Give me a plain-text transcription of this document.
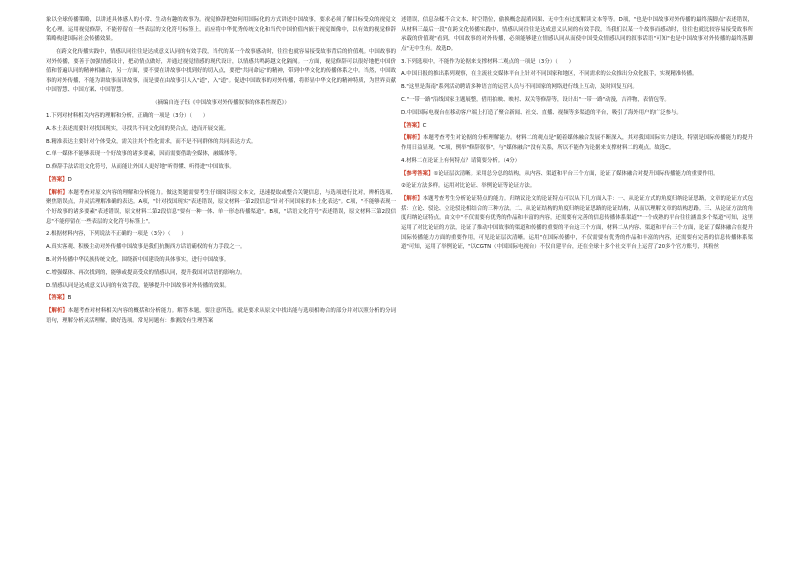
象以全球传播策略，以讲述具体感人的小常、生动有趣的故事为。视觉修辞把如何用国际化的方式讲述中国故事，要求必须了解目标受众的视觉文化心理。运用视觉修辞，不能停留在一些表层的文化符号标签上，而应将中华优秀传统文化和当代中国价值内嵌于视觉图像中，以有效的视觉修辞策略构建国际社会传播效果。

在跨文化传播实践中，情感认同往往是达成意义认同的有效手段，当代的某一个故事感动时，往往也就容易接受故事背后的价值观。中国故事的对外传播，要善于加强情感设计，把动情点做好，并通过视觉情感的现代设计，以情感共鸣跨越文化隔阂。一方面，视觉修辞可以很好地把中国价值和普遍认同的精神相融合，另一方面，要不要在讲故事中找到好的切入点，要把"共同命运"的精神，带到中华文化的传播体系之中。当然，中国故事的对外传播，不能为讲故事而讲故事，而是要在由故事引人入"道"，入"道"。促进中国故事的对外传播，将彰显中华文化的精神特质，为世界贡献中国智慧、中国方案、中国智慧。

（摘编自连子钰《中国故事对外传播叙事的体系性规范》）

1.下列对材料相关内容的理解和分析，正确的一项是（3分）（　　）

A.本土表述需要针对找国现实，寻找共不同文化间的契合点，进而开展交流。

B.精准表达主要针对个体受众，需关注其个性化需求，而不是不同群体的共同表达方式。

C.单一媒体不能够表现一个好故事的诸多要素，因而需要借助全媒体，融媒体等。

D.修辞手法话语文化符号，从而能让外国人更好地"听得懂、听得进"中国故事。

【答案】D

【解析】本题考查对原文内容的理解和分析能力。做这类题需要考生仔细阅读原文本文，迅速提取或整合关键信息，与选项进行比对，辨析选项、聚焦错误点，并灵活理解准确的表达。A项，"针对找国现实"表述错误，原文材料一第2段信息"针对不同国家的本土化表达"。C项，"不能够表现一个好故事的诸多要素"表述错误，原文材料二第2段信息"要有一种一体、单一形态传播渠道"。B项，"话语文化符号"表述错误，原文材料三第2段信息"不能停留在一些表层的文化符号标签上"。

2.根据材料内容，下列说法不正确的一项是（3分）（　　）

A.真实客观、积极主动对外传播中国故事是我们抗衡西方话语霸权的有力手段之一。

B.对外传播中华民族传统文化，围绕新中国建设的具体事实，进行中国故事。

C.增强媒体、再次找到的，能够或提高受众的情感认同，提升我国对话语的影响力。

D.情感认同是达成意义认同的有效手段，能够提升中国故事对外传播的效果。

【答案】B

【解析】本题考查对材料相关内容的概括和分析能力。解答本题，要注意所选，就是要求从原文中找出能与选项相吻合的部分并对以照分析的分词语句，理解分析灵活理解，做好选项。常见问题有：推测没有生理答案

述错误，信息杂糅不合文本、时空错位，偷换概念混淆因果、无中生有过度解读文本等等。D项，"也是中国故事对外传播的最终落脚点"表述错误，从材料三最后一段"在跨文化传播实践中，情感认同往往是达成意义认同的有效手段，当我们以某一个故事而感动时，往往也就比较容易接受故事所承载的价值观"看到，中国故事的对外传播，必须能够建立情感认同从而使中国受众情感认同的叙事话语"可知"也是中国故事对外传播的最终落脚点"无中生有。故选D。

3.下列选项中，不能作为论据来支撑材料二观点的一项是（3分）（　　）

A.中国日报的推出系列观察，在主流社交媒体平台上针对不同国家和地区，不同需求的公众推出分众化报手，实现精准传播。

B."这里是海南"系列活动聘请多种语言的运营人员与不同国家的网络进行线上互动，及时回复互问。

C."一带一路"沿线国家主题展整，借用拍映、映衬、双关等修辞等，设计出"一带一路"动漫，吉祥物，表情包等。

D.中国国际电视台在移动客户端上打造了聚合新闻、社交、直播、视频等多渠道的平台，吸引了海外用户的广泛参与。

【答案】C

【解析】本题考查考生对论据的分析理解能力。材料二的观点是"随着媒体融合发展不断深入，其对我国国际实力建设，特别是国际传播能力的提升作用日益显现。"C项，例举"修辞叙事"，与"媒体融合"没有关系，所以不能作为论据来支撑材料二的观点。故选C。

4.材料二在论证上有何特点？请简要分析。（4分）

【参考答案】①论证层次清晰。采用总分总的结构，从内容、渠道和平台三个方面，论证了媒体融合对提升国际传播能力的重要作用。

②论证方法多样。运用对比论证、举例论证等论证方法。

【解析】本题考查考生分析论证特点的能力。归纳议论文的论证特点可以从下几方面入手：一、从论证方式的角度归纳论证思路，文章的论证方式包括：立论、驳论、立论驳论相结合的三种方法。二、从论证结构的角度归纳论证思路的论证结构，从而以理解文章的结构思路。三、从论证方法的角度归纳论证特点。由文中"不仅需要有优秀的作品和丰富的内容，还需要有完善的信息传播体系渠道""一个成熟的平台往往涵盖多个渠道"可知，这里运用了对比论证的方法，论证了推动中国故事的渠道和传播的重要的平台这三个方面，材料二从内容、渠道和平台三个方面，论证了媒体融合在提升国际传播能力方面的重要作用，可见论证层次清晰。运用"在国际传播中，不仅需要有优秀的作品和丰富的内容，还需要有完善的信息传播体系渠道"可知，运用了举例论证，"以CGTN（中国国际电视台）不仅自建平台，还在全球十多个社交平台上运营了20多个官方账号，其粉丝
